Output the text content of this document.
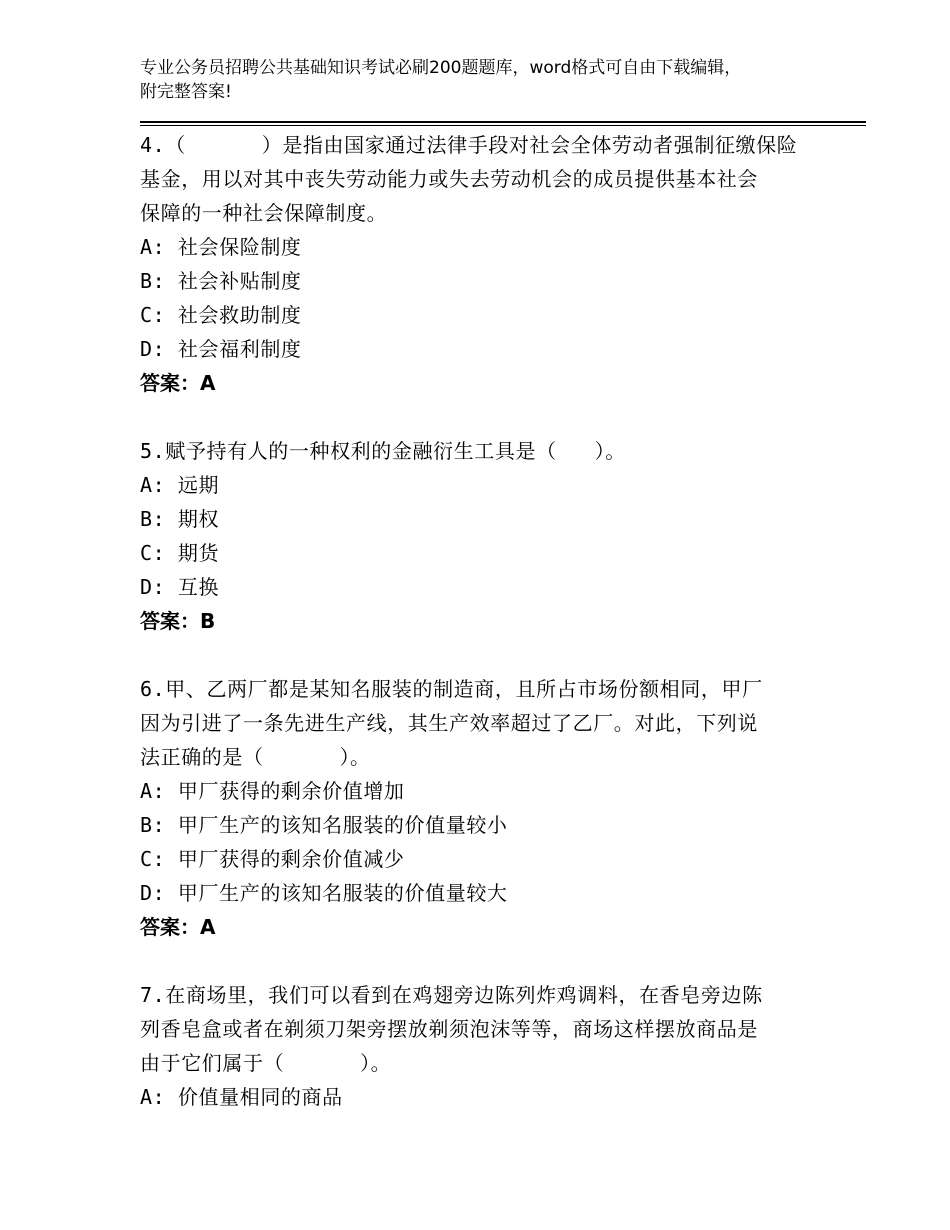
专业公务员招聘公共基础知识考试必刷200题题库，word格式可自由下载编辑，
附完整答案!
4.（      ）是指由国家通过法律手段对社会全体劳动者强制征缴保险
基金，用以对其中丧失劳动能力或失去劳动机会的成员提供基本社会
保障的一种社会保障制度。
A: 社会保险制度
B: 社会补贴制度
C: 社会救助制度
D: 社会福利制度
答案：A
5.赋予持有人的一种权利的金融衍生工具是（   ）。
A: 远期
B: 期权
C: 期货
D: 互换
答案：B
6.甲、乙两厂都是某知名服装的制造商，且所占市场份额相同，甲厂
因为引进了一条先进生产线，其生产效率超过了乙厂。对此，下列说
法正确的是（      ）。
A: 甲厂获得的剩余价值增加
B: 甲厂生产的该知名服装的价值量较小
C: 甲厂获得的剩余价值减少
D: 甲厂生产的该知名服装的价值量较大
答案：A
7.在商场里，我们可以看到在鸡翅旁边陈列炸鸡调料，在香皂旁边陈
列香皂盒或者在剃须刀架旁摆放剃须泡沫等等，商场这样摆放商品是
由于它们属于（      ）。
A: 价值量相同的商品
